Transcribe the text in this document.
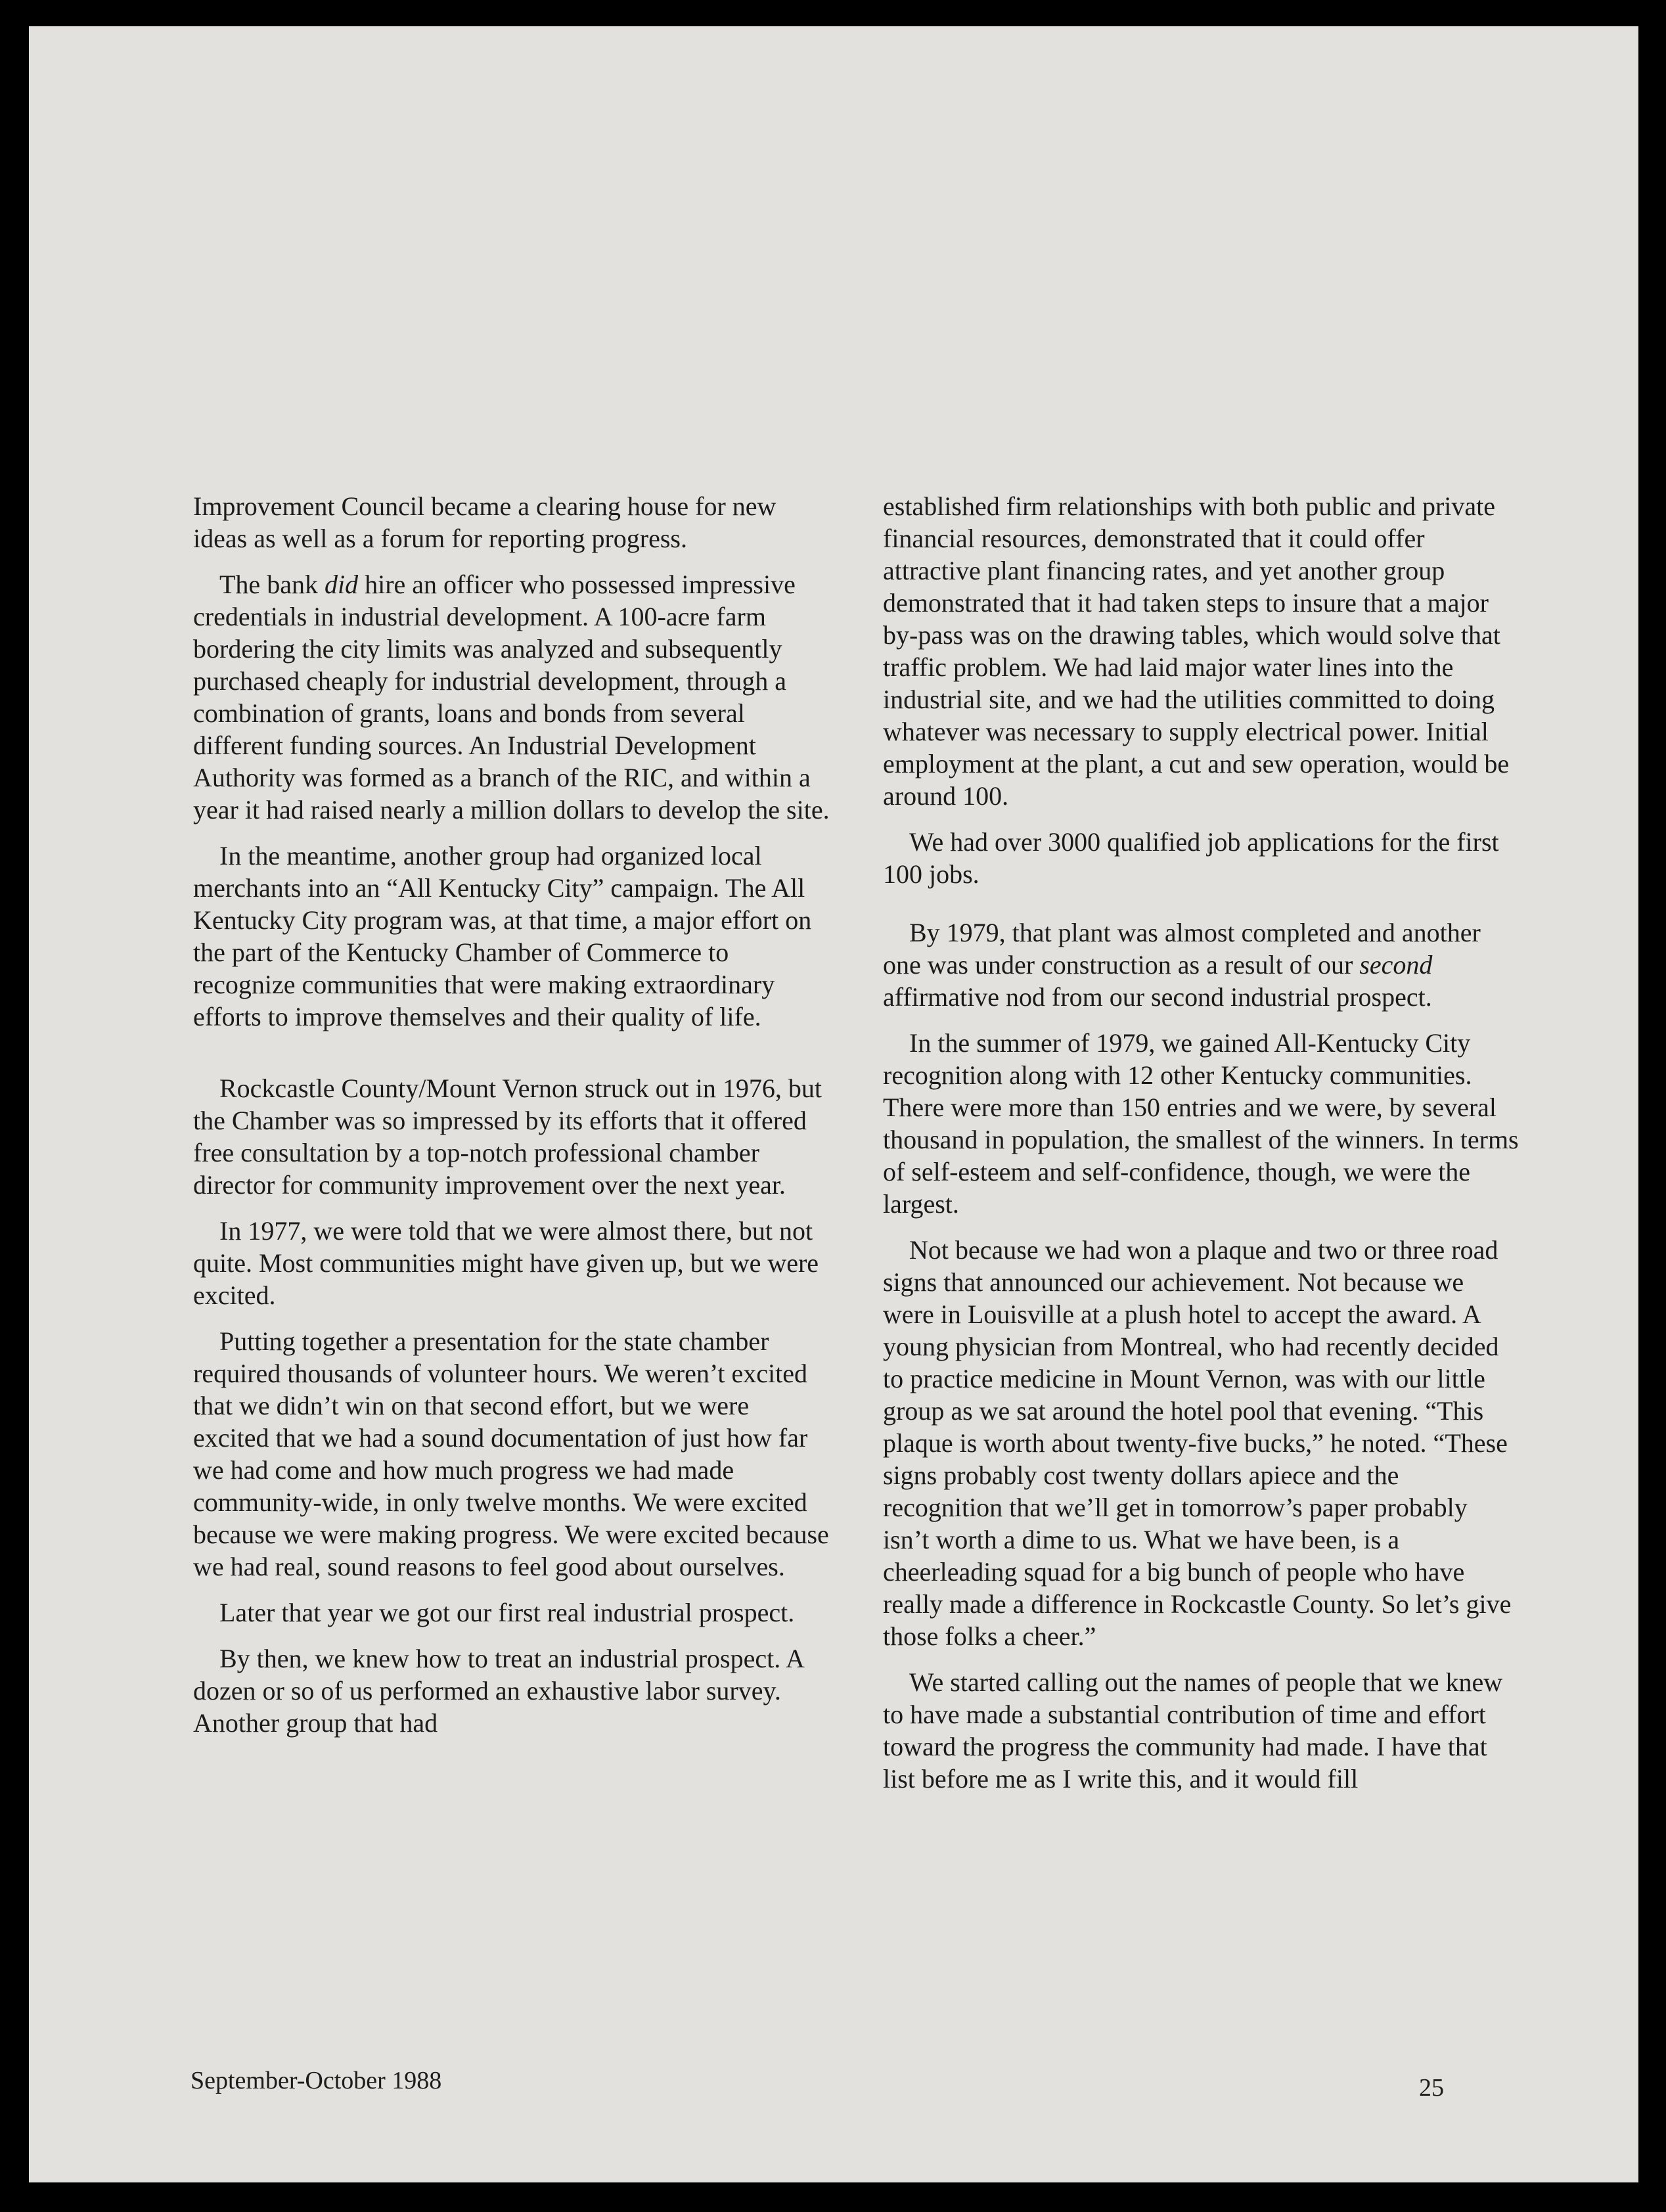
Improvement Council became a clearing house for new ideas as well as a forum for reporting progress.

The bank did hire an officer who possessed impressive credentials in industrial development. A 100-acre farm bordering the city limits was analyzed and subsequently purchased cheaply for industrial development, through a combination of grants, loans and bonds from several different funding sources. An Industrial Development Authority was formed as a branch of the RIC, and within a year it had raised nearly a million dollars to develop the site.

In the meantime, another group had organized local merchants into an “All Kentucky City” campaign. The All Kentucky City program was, at that time, a major effort on the part of the Kentucky Chamber of Commerce to recognize communities that were making extraordinary efforts to improve themselves and their quality of life.

Rockcastle County/Mount Vernon struck out in 1976, but the Chamber was so impressed by its efforts that it offered free consultation by a top-notch professional chamber director for community improvement over the next year.

In 1977, we were told that we were almost there, but not quite. Most communities might have given up, but we were excited.

Putting together a presentation for the state chamber required thousands of volunteer hours. We weren’t excited that we didn’t win on that second effort, but we were excited that we had a sound documentation of just how far we had come and how much progress we had made community-wide, in only twelve months. We were excited because we were making progress. We were excited because we had real, sound reasons to feel good about ourselves.

Later that year we got our first real industrial prospect.

By then, we knew how to treat an industrial prospect. A dozen or so of us performed an exhaustive labor survey. Another group that had

established firm relationships with both public and private financial resources, demonstrated that it could offer attractive plant financing rates, and yet another group demonstrated that it had taken steps to insure that a major by-pass was on the drawing tables, which would solve that traffic problem. We had laid major water lines into the industrial site, and we had the utilities committed to doing whatever was necessary to supply electrical power. Initial employment at the plant, a cut and sew operation, would be around 100.

We had over 3000 qualified job applications for the first 100 jobs.

By 1979, that plant was almost completed and another one was under construction as a result of our second affirmative nod from our second industrial prospect.

In the summer of 1979, we gained All-Kentucky City recognition along with 12 other Kentucky communities. There were more than 150 entries and we were, by several thousand in population, the smallest of the winners. In terms of self-esteem and self-confidence, though, we were the largest.

Not because we had won a plaque and two or three road signs that announced our achievement. Not because we were in Louisville at a plush hotel to accept the award. A young physician from Montreal, who had recently decided to practice medicine in Mount Vernon, was with our little group as we sat around the hotel pool that evening. “This plaque is worth about twenty-five bucks,” he noted. “These signs probably cost twenty dollars apiece and the recognition that we’ll get in tomorrow’s paper probably isn’t worth a dime to us. What we have been, is a cheerleading squad for a big bunch of people who have really made a difference in Rockcastle County. So let’s give those folks a cheer.”

We started calling out the names of people that we knew to have made a substantial contribution of time and effort toward the progress the community had made. I have that list before me as I write this, and it would fill

September-October 1988	25
